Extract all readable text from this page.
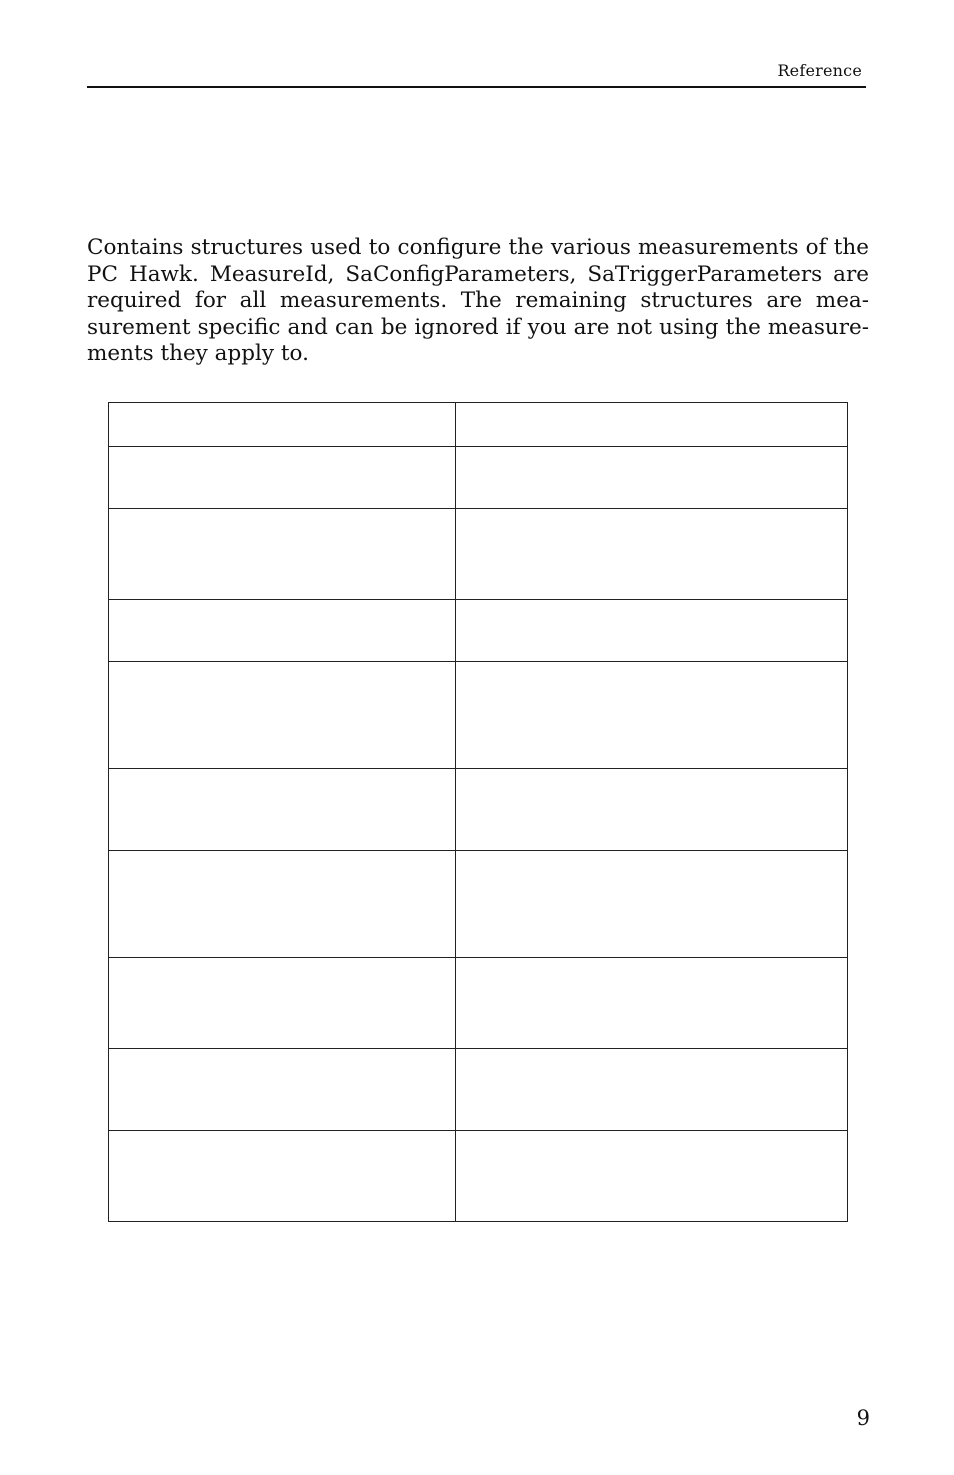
Reference

Contains structures used to configure the various measurements of the PC Hawk. MeasureId, SaConfigParameters, SaTriggerParameters are required for all measurements. The remaining structures are mea-surement specific and can be ignored if you are not using the measure-ments they apply to.

9
